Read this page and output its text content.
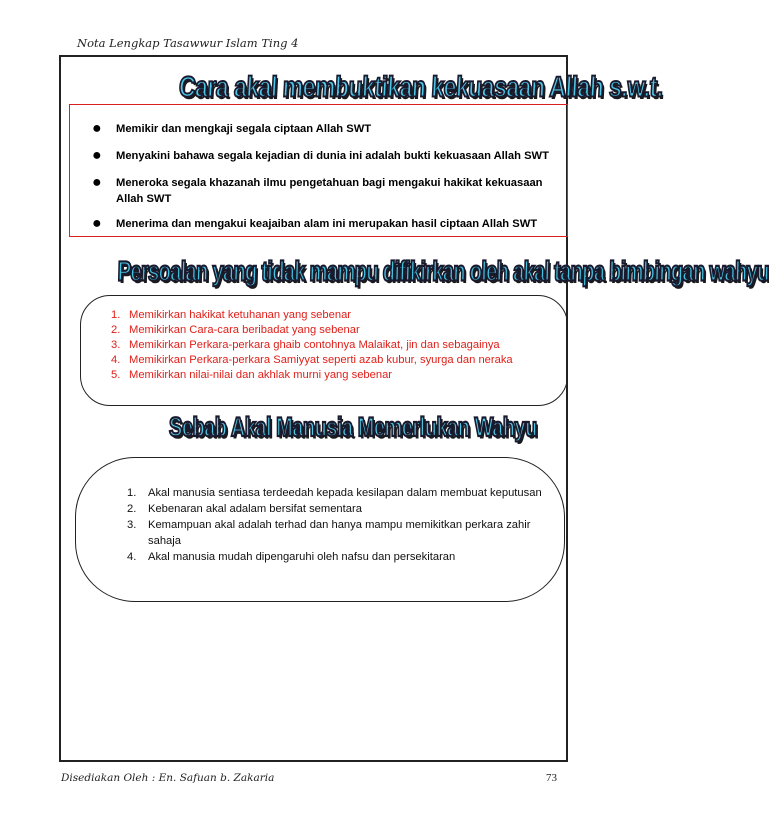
Nota Lengkap Tasawwur Islam Ting 4
Cara akal membuktikan kekuasaan Allah s.w.t.
● Memikir dan mengkaji segala ciptaan Allah SWT
● Menyakini bahawa segala kejadian di dunia ini adalah bukti kekuasaan Allah SWT
● Meneroka segala khazanah ilmu pengetahuan bagi mengakui hakikat kekuasaan Allah SWT
● Menerima dan mengakui keajaiban alam ini merupakan hasil ciptaan Allah SWT
Persoalan yang tidak mampu difikirkan oleh akal tanpa bimbingan wahyu
1. Memikirkan hakikat ketuhanan yang sebenar
2. Memikirkan Cara-cara beribadat yang sebenar
3. Memikirkan Perkara-perkara ghaib contohnya Malaikat, jin dan sebagainya
4. Memikirkan Perkara-perkara Samiyyat seperti azab kubur, syurga dan neraka
5. Memikirkan nilai-nilai dan akhlak murni yang sebenar
Sebab Akal Manusia Memerlukan Wahyu
1. Akal manusia sentiasa terdeedah kepada kesilapan dalam membuat keputusan
2. Kebenaran akal adalam bersifat sementara
3. Kemampuan akal adalah terhad dan hanya mampu memikitkan perkara zahir sahaja
4. Akal manusia mudah dipengaruhi oleh nafsu dan persekitaran
Disediakan Oleh : En. Safuan b. Zakaria	73
